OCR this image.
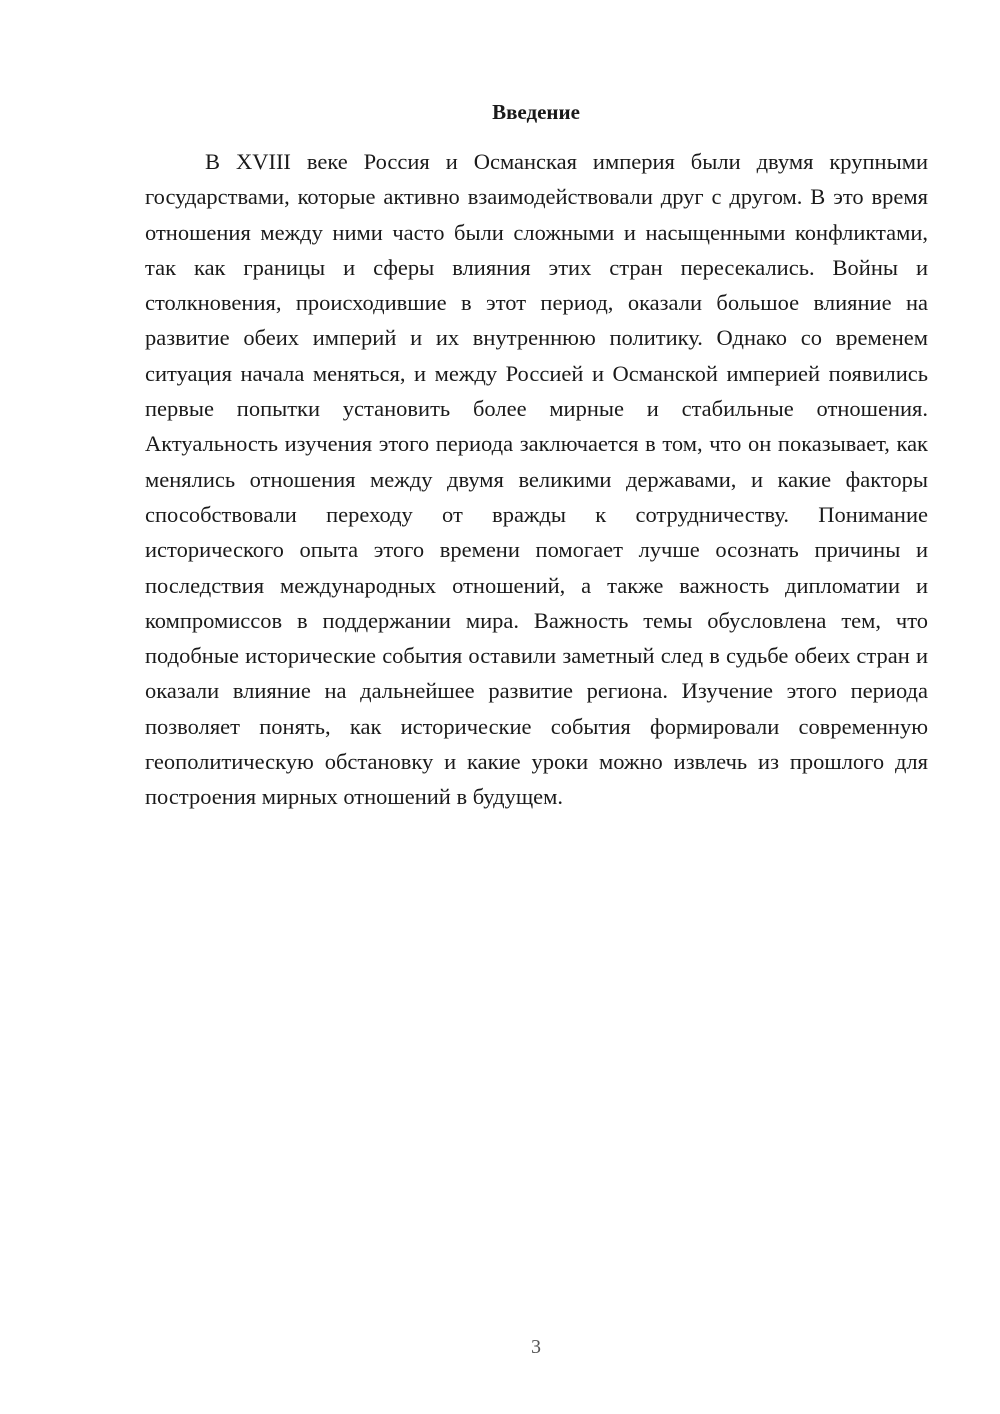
Введение

В XVIII веке Россия и Османская империя были двумя крупными государствами, которые активно взаимодействовали друг с другом. В это время отношения между ними часто были сложными и насыщенными конфликтами, так как границы и сферы влияния этих стран пересекались. Войны и столкновения, происходившие в этот период, оказали большое влияние на развитие обеих империй и их внутреннюю политику. Однако со временем ситуация начала меняться, и между Россией и Османской империей появились первые попытки установить более мирные и стабильные отношения. Актуальность изучения этого периода заключается в том, что он показывает, как менялись отношения между двумя великими державами, и какие факторы способствовали переходу от вражды к сотрудничеству. Понимание исторического опыта этого времени помогает лучше осознать причины и последствия международных отношений, а также важность дипломатии и компромиссов в поддержании мира. Важность темы обусловлена тем, что подобные исторические события оставили заметный след в судьбе обеих стран и оказали влияние на дальнейшее развитие региона. Изучение этого периода позволяет понять, как исторические события формировали современную геополитическую обстановку и какие уроки можно извлечь из прошлого для построения мирных отношений в будущем.

3
